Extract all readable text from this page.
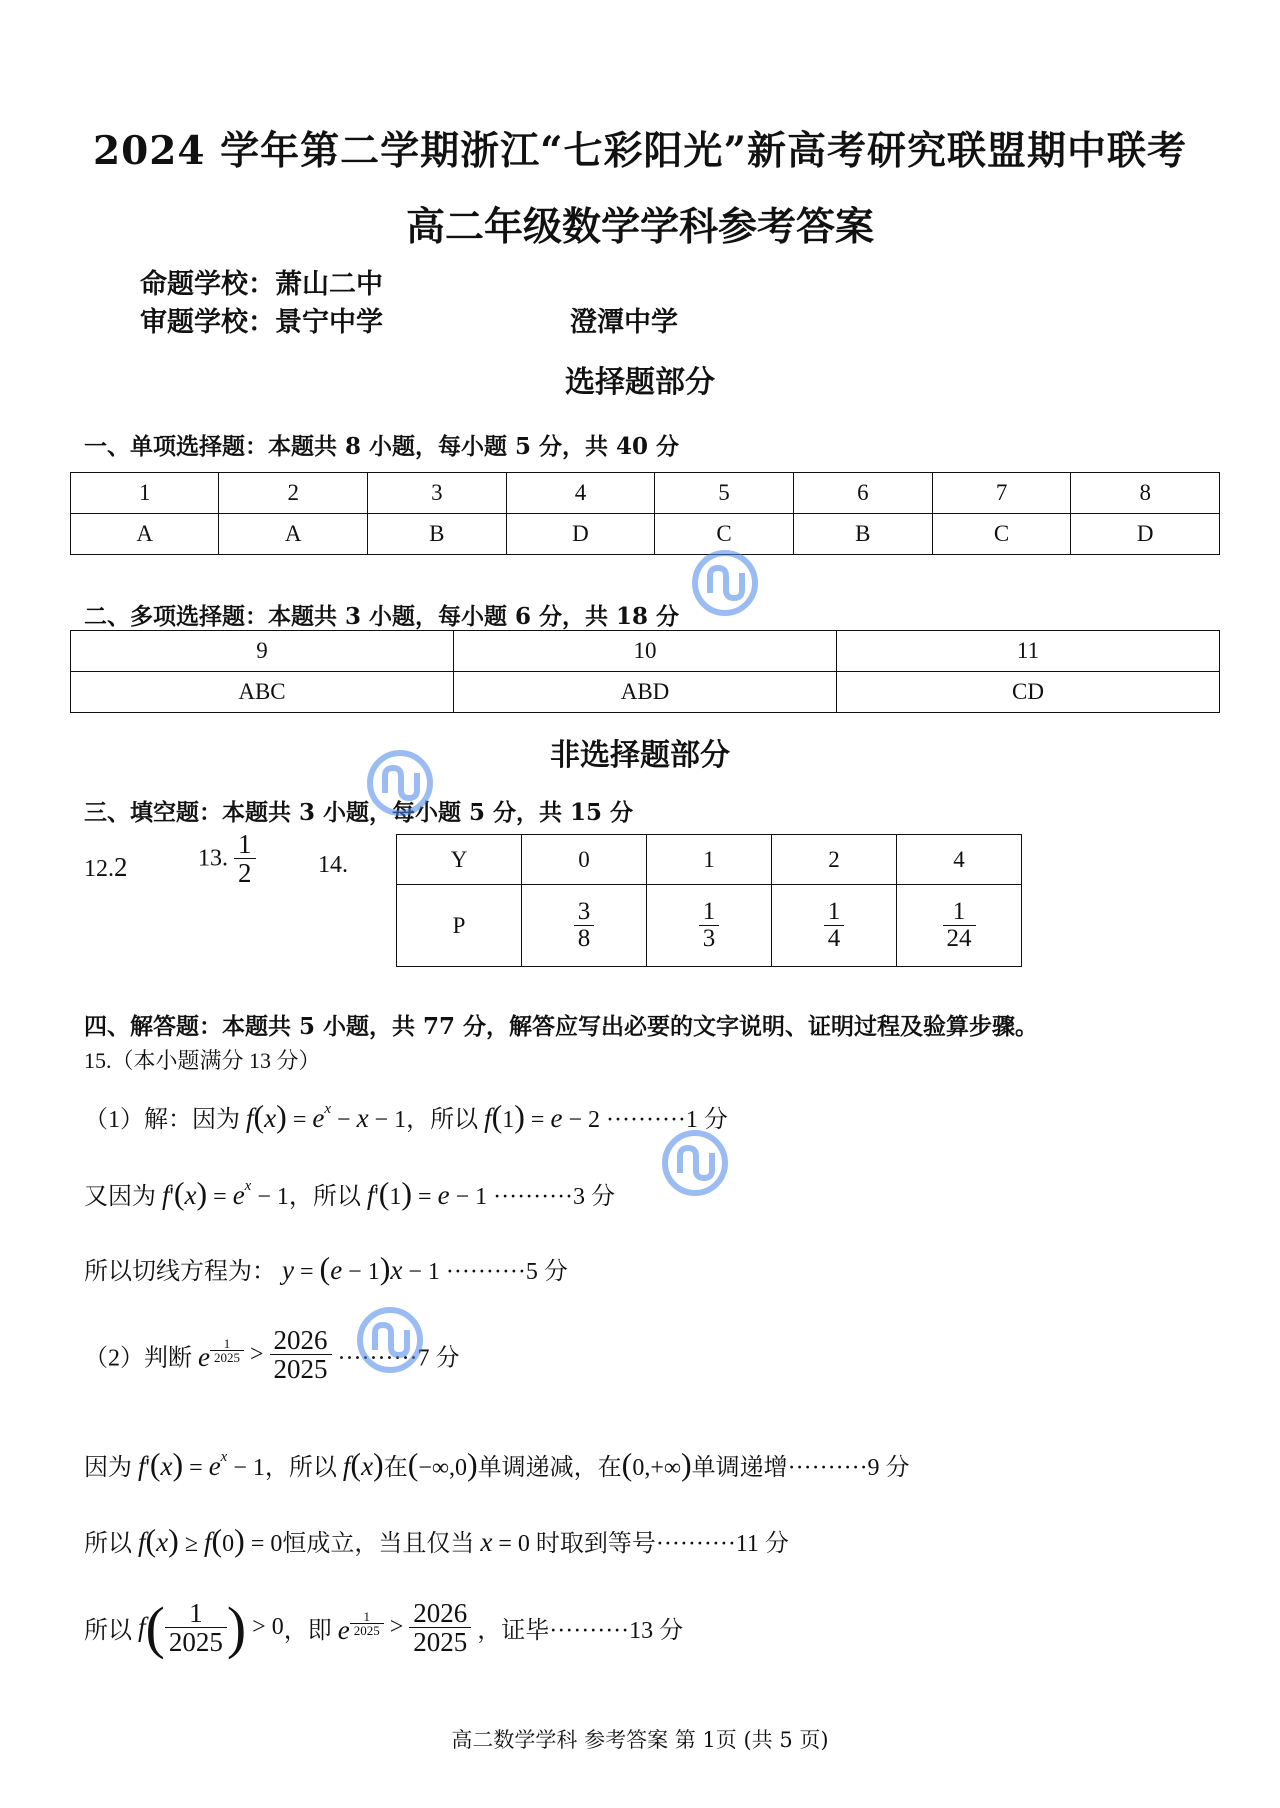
2024 学年第二学期浙江“七彩阳光”新高考研究联盟期中联考
高二年级数学学科参考答案
命题学校：萧山二中
审题学校：景宁中学	澄潭中学
选择题部分
一、单项选择题：本题共 8 小题，每小题 5 分，共 40 分
1	2	3	4	5	6	7	8
A	A	B	D	C	B	C	D
二、多项选择题：本题共 3 小题，每小题 6 分，共 18 分
9	10	11
ABC	ABD	CD
非选择题部分
三、填空题：本题共 3 小题，每小题 5 分，共 15 分
12.2	13. $\frac{1}{2}$	14.	Y	0	1	2	4
P	$\frac{3}{8}$	$\frac{1}{3}$	$\frac{1}{4}$	$\frac{1}{24}$
四、解答题：本题共 5 小题，共 77 分，解答应写出必要的文字说明、证明过程及验算步骤。
15.（本小题满分 13 分）
（1）解：因为 $f(x) = e^x - x - 1$，所以 f(1) = e − 2 ··········1 分
又因为 $f'(x) = e^x - 1$，所以 f'(1) = e − 1 ··········3 分
所以切线方程为： y = (e − 1)x − 1 ··········5 分
（2）判断 e $\frac{1}{2025} > \frac{2026}{2025} \cdot\cdot\cdot\cdot\cdot\cdot\cdot\cdot\cdot\cdot 7$ 分
因为 $f'(x) = e^x - 1$，所以 f(x)在(−∞,0)单调递减，在(0,+∞)单调递增··········9 分
所以 f(x) ≥ f(0) = 0恒成立，当且仅当 x = 0 时取到等号··········11 分
所以 $f( \frac{1}{2025}$ ) > 0，即 e $\frac{1}{2025} > \frac{2026}{2025}$ ，证毕··········13 分
高二数学学科 参考答案 第 1页 (共 5 页)
